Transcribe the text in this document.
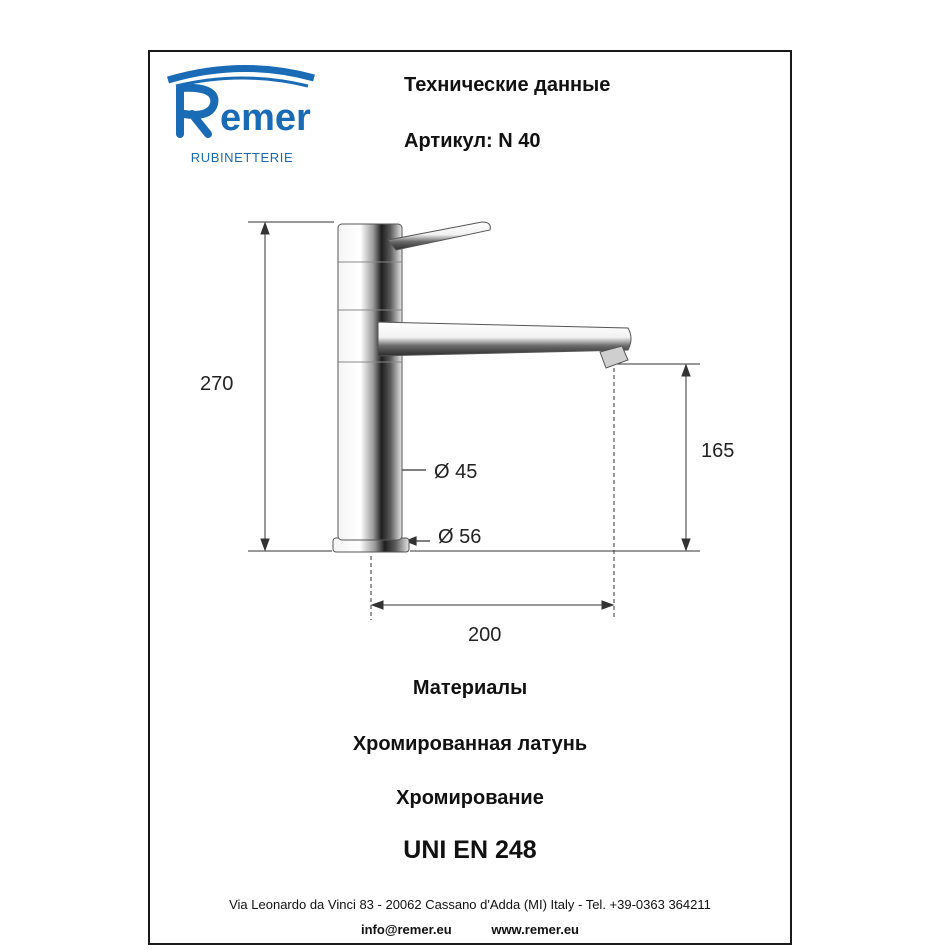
emer
RUBINETTERIE
Технические данные
Артикул: N 40
270
165
Ø 45
Ø 56
200
Материалы
Хромированная латунь
Хромирование
UNI EN 248
Via Leonardo da Vinci 83 - 20062 Cassano d'Adda (MI) Italy - Tel. +39-0363 364211
info@remer.eu	www.remer.eu
